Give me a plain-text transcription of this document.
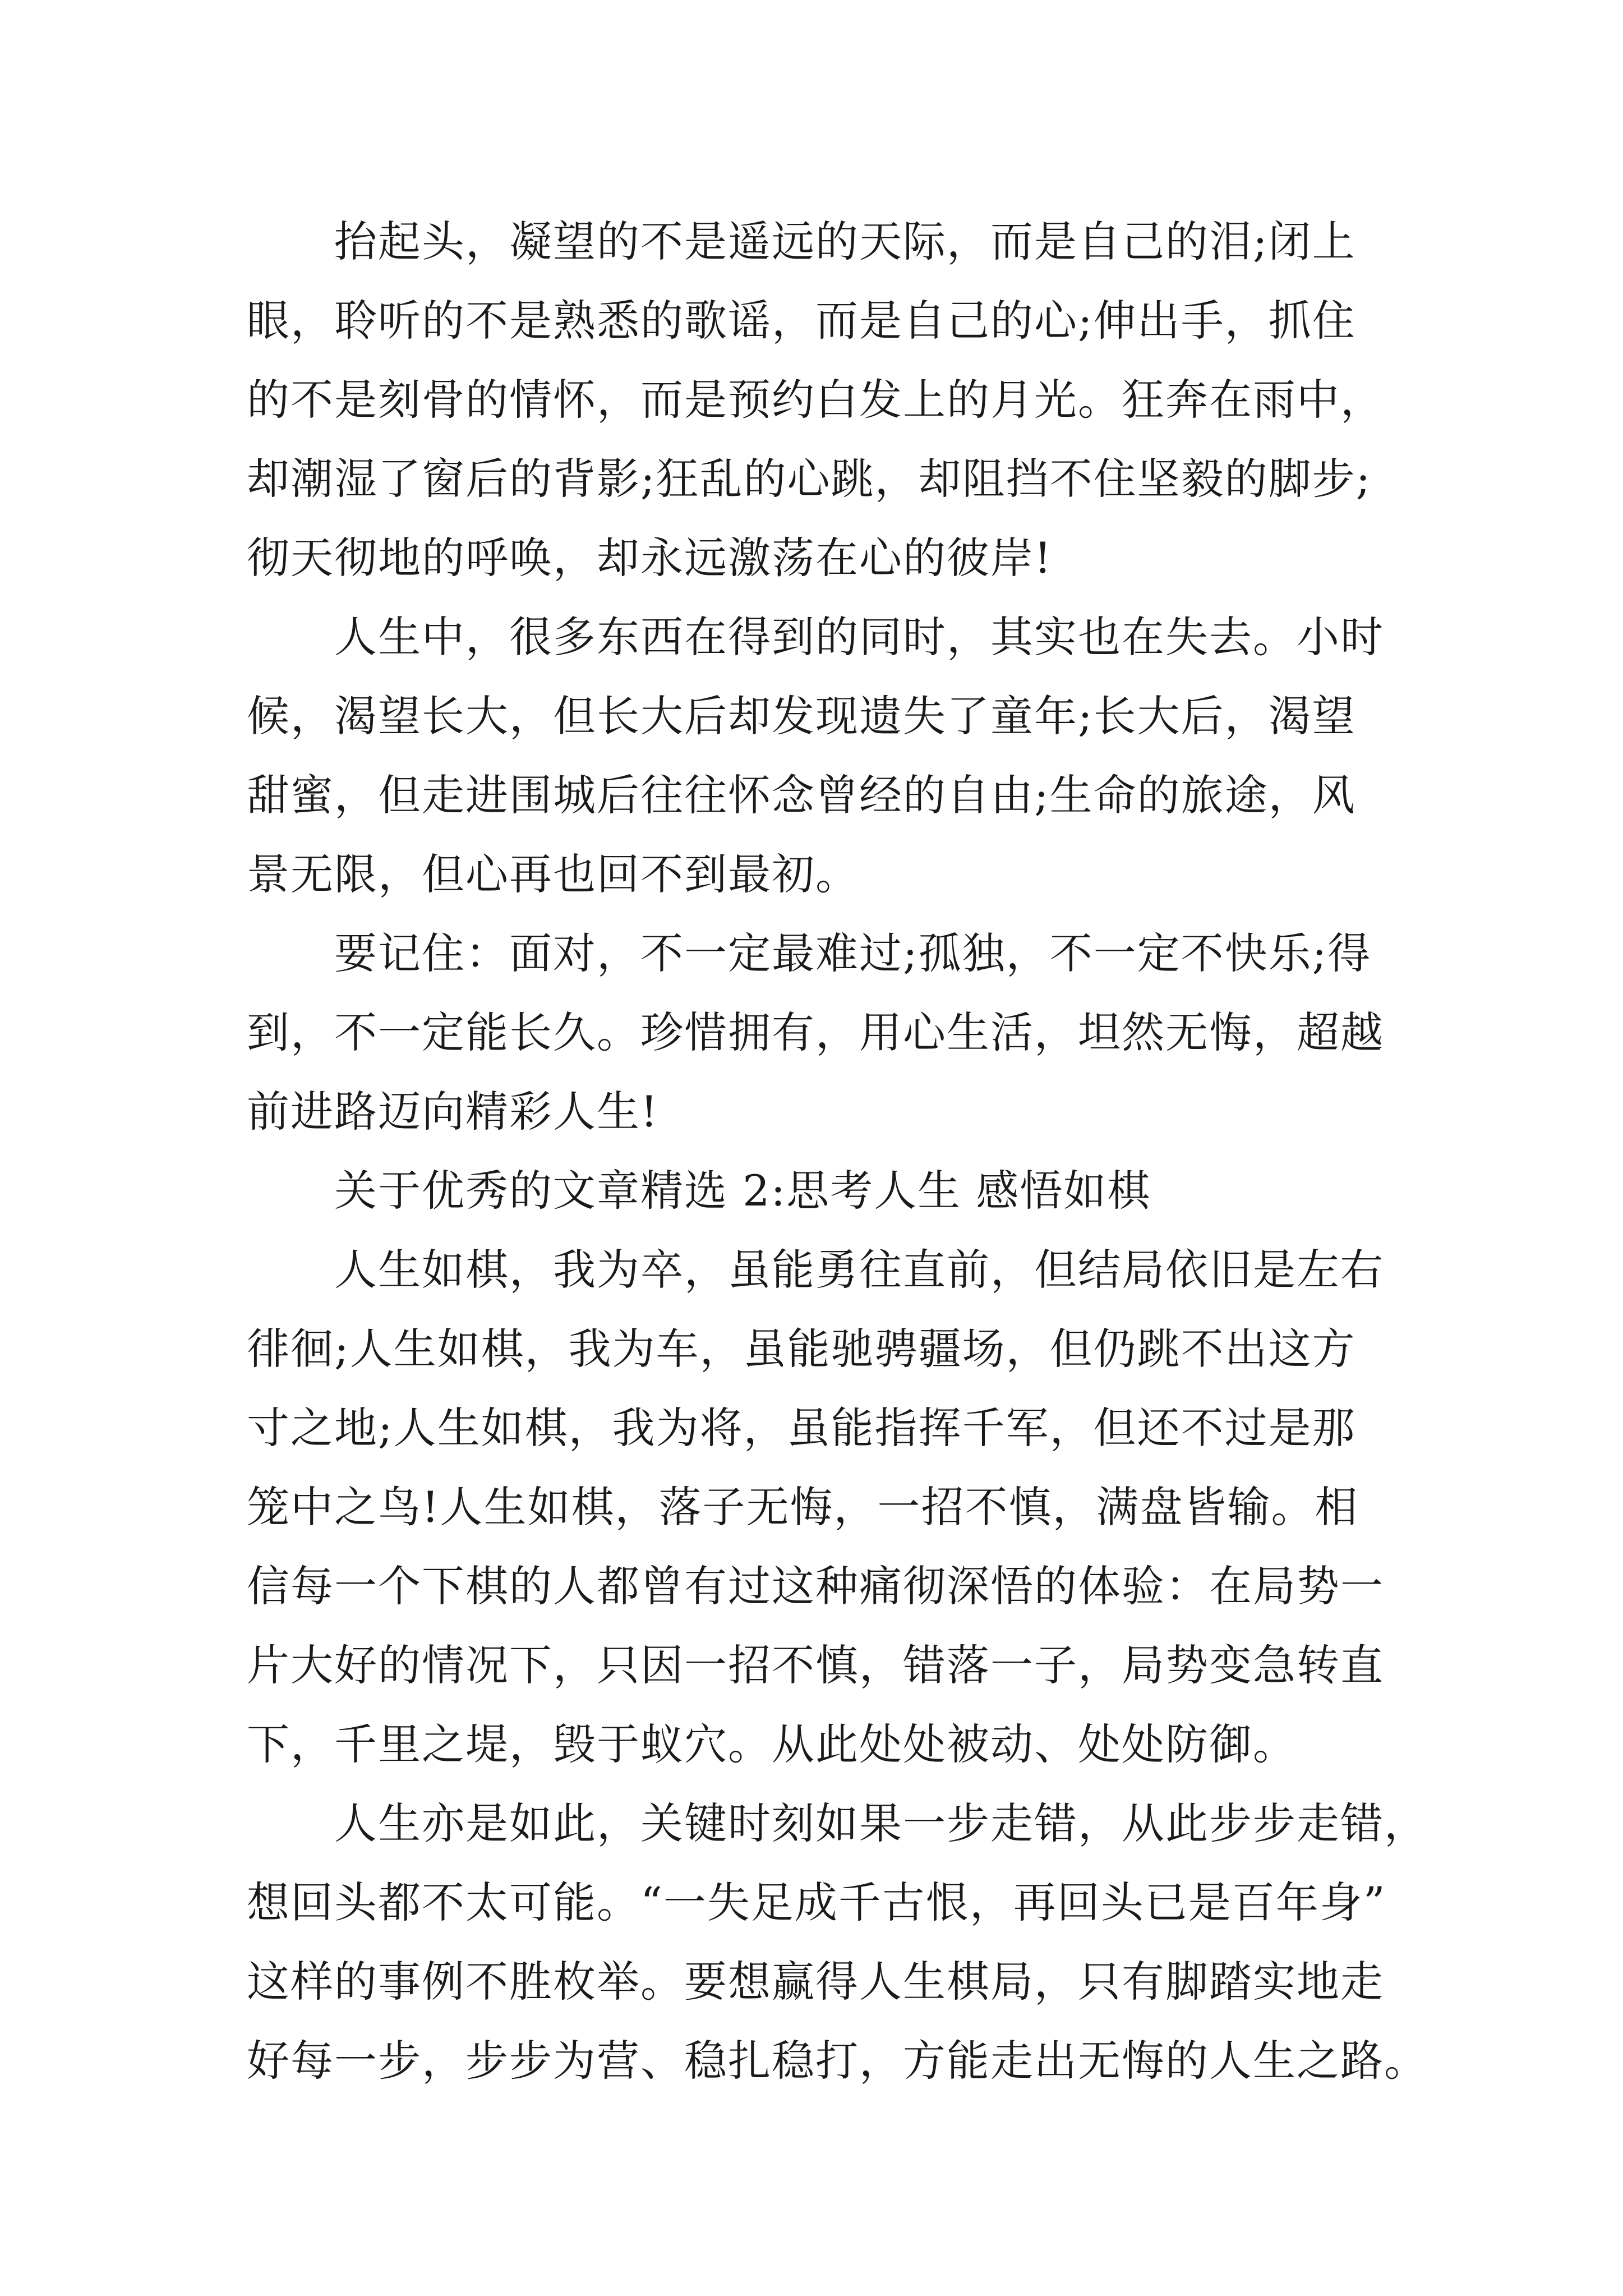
抬起头，凝望的不是遥远的天际，而是自己的泪;闭上
眼，聆听的不是熟悉的歌谣，而是自己的心;伸出手，抓住
的不是刻骨的情怀，而是预约白发上的月光。狂奔在雨中，
却潮湿了窗后的背影;狂乱的心跳，却阻挡不住坚毅的脚步;
彻天彻地的呼唤，却永远激荡在心的彼岸!
人生中，很多东西在得到的同时，其实也在失去。小时
候，渴望长大，但长大后却发现遗失了童年;长大后，渴望
甜蜜，但走进围城后往往怀念曾经的自由;生命的旅途，风
景无限，但心再也回不到最初。
要记住：面对，不一定最难过;孤独，不一定不快乐;得
到，不一定能长久。珍惜拥有，用心生活，坦然无悔，超越
前进路迈向精彩人生!
关于优秀的文章精选 2:思考人生 感悟如棋
人生如棋，我为卒，虽能勇往直前，但结局依旧是左右
徘徊;人生如棋，我为车，虽能驰骋疆场，但仍跳不出这方
寸之地;人生如棋，我为将，虽能指挥千军，但还不过是那
笼中之鸟!人生如棋，落子无悔，一招不慎，满盘皆输。相
信每一个下棋的人都曾有过这种痛彻深悟的体验：在局势一
片大好的情况下，只因一招不慎，错落一子，局势变急转直
下，千里之堤，毁于蚁穴。从此处处被动、处处防御。
人生亦是如此，关键时刻如果一步走错，从此步步走错，
想回头都不太可能。“一失足成千古恨，再回头已是百年身”
这样的事例不胜枚举。要想赢得人生棋局，只有脚踏实地走
好每一步，步步为营、稳扎稳打，方能走出无悔的人生之路。
